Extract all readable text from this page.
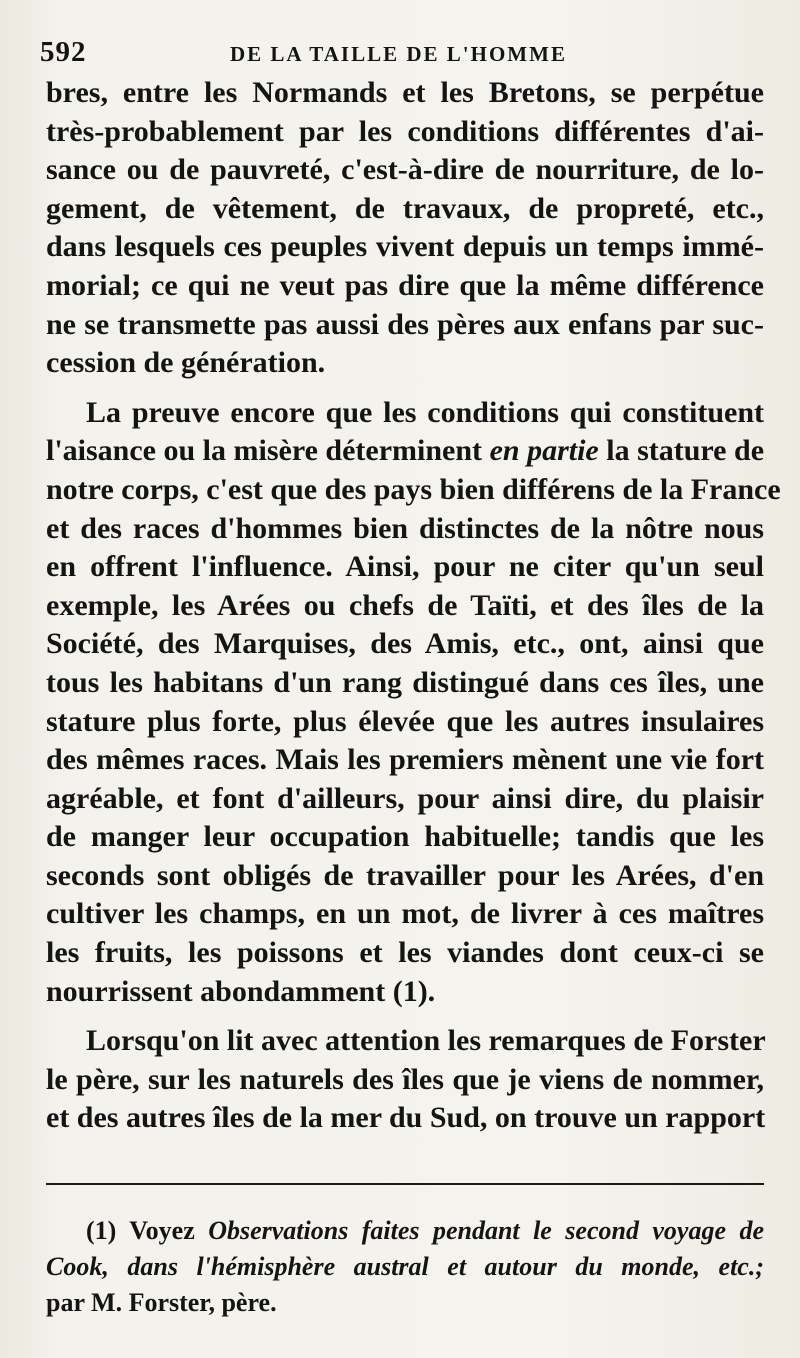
592	DE LA TAILLE DE L'HOMME
bres, entre les Normands et les Bretons, se perpétue
très-probablement par les conditions différentes d'ai-
sance ou de pauvreté, c'est-à-dire de nourriture, de lo-
gement, de vêtement, de travaux, de propreté, etc.,
dans lesquels ces peuples vivent depuis un temps immé-
morial; ce qui ne veut pas dire que la même différence
ne se transmette pas aussi des pères aux enfans par suc-
cession de génération.
La preuve encore que les conditions qui constituent
l'aisance ou la misère déterminent en partie la stature de
notre corps, c'est que des pays bien différens de la France
et des races d'hommes bien distinctes de la nôtre nous
en offrent l'influence. Ainsi, pour ne citer qu'un seul
exemple, les Arées ou chefs de Taïti, et des îles de la
Société, des Marquises, des Amis, etc., ont, ainsi que
tous les habitans d'un rang distingué dans ces îles, une
stature plus forte, plus élevée que les autres insulaires
des mêmes races. Mais les premiers mènent une vie fort
agréable, et font d'ailleurs, pour ainsi dire, du plaisir
de manger leur occupation habituelle; tandis que les
seconds sont obligés de travailler pour les Arées, d'en
cultiver les champs, en un mot, de livrer à ces maîtres
les fruits, les poissons et les viandes dont ceux-ci se
nourrissent abondamment (1).
Lorsqu'on lit avec attention les remarques de Forster
le père, sur les naturels des îles que je viens de nommer,
et des autres îles de la mer du Sud, on trouve un rapport
(1) Voyez Observations faites pendant le second voyage de
Cook, dans l'hémisphère austral et autour du monde, etc.;
par M. Forster, père.
